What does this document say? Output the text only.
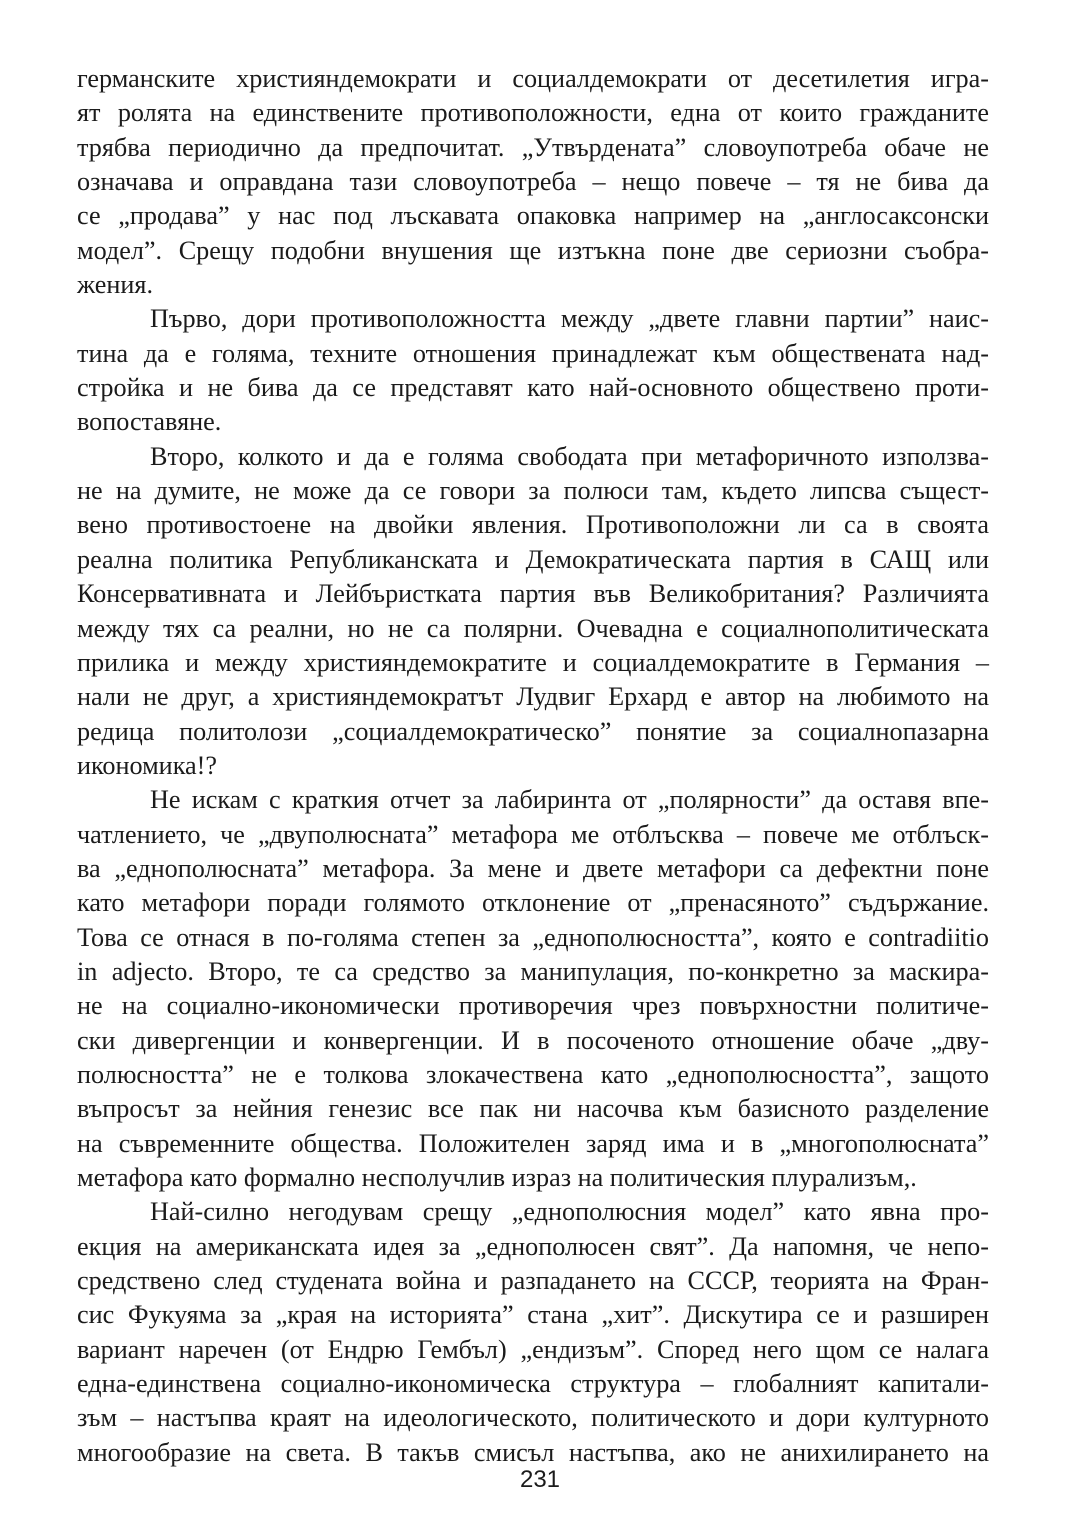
германските християндемократи и социалдемократи от десетилетия игра-
ят ролята на единствените противоположности, една от които гражданите
трябва периодично да предпочитат. „Утвърдената” словоупотреба обаче не
означава и оправдана тази словоупотреба – нещо повече – тя не бива да
се „продава” у нас под лъскавата опаковка например на „англосаксонски
модел”. Срещу подобни внушения ще изтъкна поне две сериозни съобра-
жения.
Първо, дори противоположността между „двете главни партии” наис-
тина да е голяма, техните отношения принадлежат към обществената над-
стройка и не бива да се представят като най-основното обществено проти-
вопоставяне.
Второ, колкото и да е голяма свободата при метафоричното използва-
не на думите, не може да се говори за полюси там, където липсва същест-
вено противостоене на двойки явления. Противоположни ли са в своята
реална политика Републиканската и Демократическата партия в САЩ или
Консервативната и Лейбъристката партия във Великобритания? Различията
между тях са реални, но не са полярни. Очевадна е социалнополитическата
прилика и между християндемократите и социалдемократите в Германия –
нали не друг, а християндемократът Лудвиг Ерхард е автор на любимото на
редица политолози „социалдемократическо” понятие за социалнопазарна
икономика!?
Не искам с краткия отчет за лабиринта от „полярности” да оставя впе-
чатлението, че „двуполюсната” метафора ме отблъсква – повече ме отблъск-
ва „еднополюсната” метафора. За мене и двете метафори са дефектни поне
като метафори поради голямото отклонение от „пренасяното” съдържание.
Това се отнася в по-голяма степен за „еднополюсността”, която е contradiitio
in adjecto. Второ, те са средство за манипулация, по-конкретно за маскира-
не на социално-икономически противоречия чрез повърхностни политиче-
ски дивергенции и конвергенции. И в посоченото отношение обаче „дву-
полюсността” не е толкова злокачествена като „еднополюсността”, защото
въпросът за нейния генезис все пак ни насочва към базисното разделение
на съвременните общества. Положителен заряд има и в „многополюсната”
метафора като формално несполучлив израз на политическия плурализъм,.
Най-силно негодувам срещу „еднополюсния модел” като явна про-
екция на американската идея за „еднополюсен свят”. Да напомня, че непо-
средствено след студената война и разпадането на СССР, теорията на Фран-
сис Фукуяма за „края на историята” стана „хит”. Дискутира се и разширен
вариант наречен (от Ендрю Гембъл) „ендизъм”. Според него щом се налага
една-единствена социално-икономическа структура – глобалният капитали-
зъм – настъпва краят на идеологическото, политическото и дори културното
многообразие на света. В такъв смисъл настъпва, ако не анихилирането на
231
